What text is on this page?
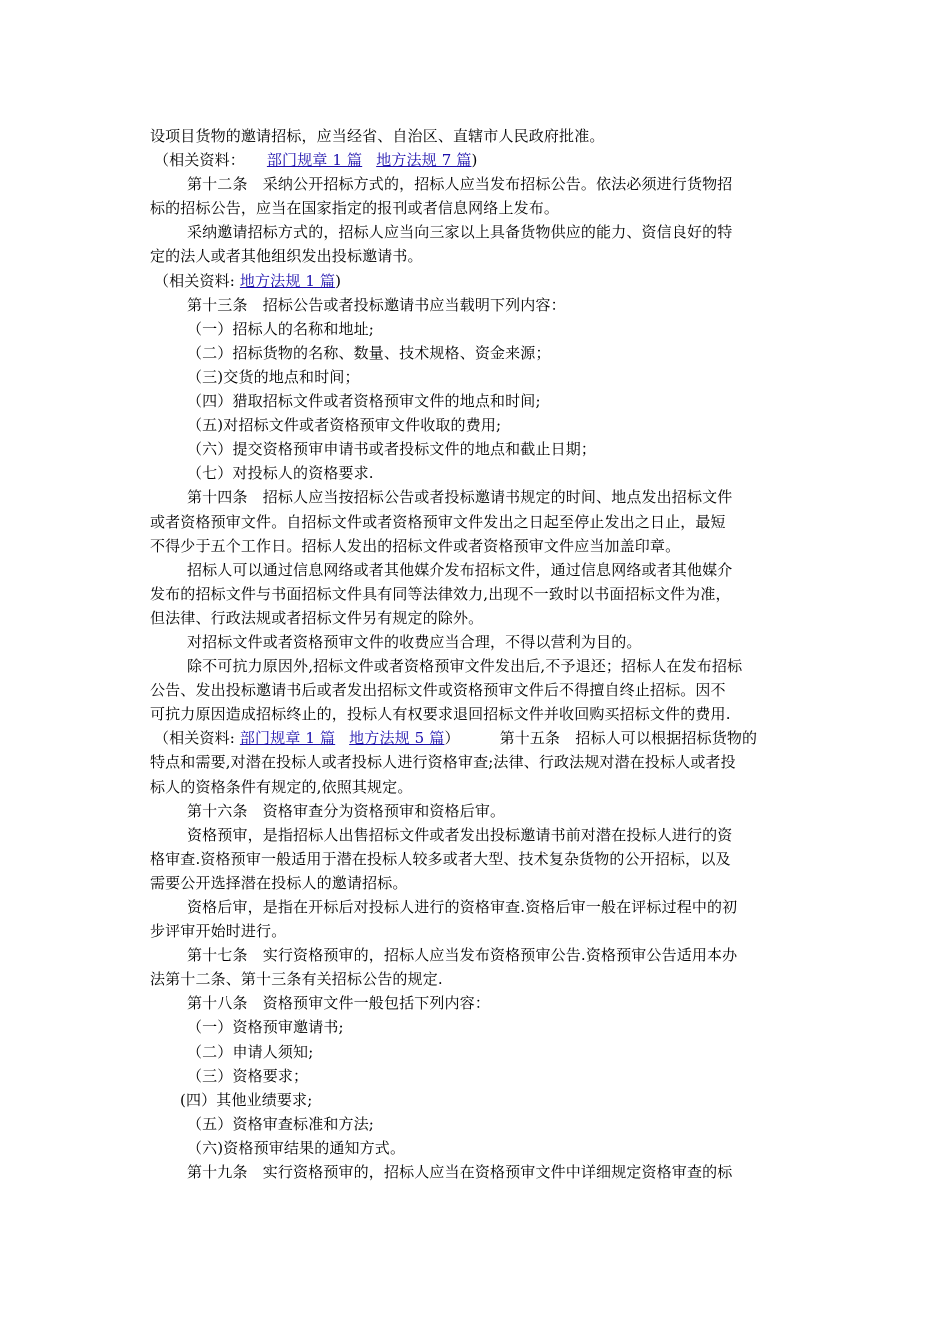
设项目货物的邀请招标，应当经省、自治区、直辖市人民政府批准。
（相关资料： 部门规章 1 篇 地方法规 7 篇)
第十二条　采纳公开招标方式的，招标人应当发布招标公告。依法必须进行货物招
标的招标公告，应当在国家指定的报刊或者信息网络上发布。
采纳邀请招标方式的，招标人应当向三家以上具备货物供应的能力、资信良好的特
定的法人或者其他组织发出投标邀请书。
（相关资料: 地方法规 1 篇)
第十三条　招标公告或者投标邀请书应当载明下列内容：
（一）招标人的名称和地址;
（二）招标货物的名称、数量、技术规格、资金来源；
（三)交货的地点和时间；
（四）猎取招标文件或者资格预审文件的地点和时间;
（五)对招标文件或者资格预审文件收取的费用;
（六）提交资格预审申请书或者投标文件的地点和截止日期；
（七）对投标人的资格要求.
第十四条　招标人应当按招标公告或者投标邀请书规定的时间、地点发出招标文件
或者资格预审文件。自招标文件或者资格预审文件发出之日起至停止发出之日止，最短
不得少于五个工作日。招标人发出的招标文件或者资格预审文件应当加盖印章。
招标人可以通过信息网络或者其他媒介发布招标文件，通过信息网络或者其他媒介
发布的招标文件与书面招标文件具有同等法律效力,出现不一致时以书面招标文件为准，
但法律、行政法规或者招标文件另有规定的除外。
对招标文件或者资格预审文件的收费应当合理，不得以营利为目的。
除不可抗力原因外,招标文件或者资格预审文件发出后,不予退还；招标人在发布招标
公告、发出投标邀请书后或者发出招标文件或资格预审文件后不得擅自终止招标。因不
可抗力原因造成招标终止的，投标人有权要求退回招标文件并收回购买招标文件的费用.
（相关资料: 部门规章 1 篇 地方法规 5 篇）	第十五条　招标人可以根据招标货物的
特点和需要,对潜在投标人或者投标人进行资格审查;法律、行政法规对潜在投标人或者投
标人的资格条件有规定的,依照其规定。
第十六条　资格审查分为资格预审和资格后审。
资格预审，是指招标人出售招标文件或者发出投标邀请书前对潜在投标人进行的资
格审查.资格预审一般适用于潜在投标人较多或者大型、技术复杂货物的公开招标，以及
需要公开选择潜在投标人的邀请招标。
资格后审，是指在开标后对投标人进行的资格审查.资格后审一般在评标过程中的初
步评审开始时进行。
第十七条　实行资格预审的，招标人应当发布资格预审公告.资格预审公告适用本办
法第十二条、第十三条有关招标公告的规定.
第十八条　资格预审文件一般包括下列内容：
（一）资格预审邀请书;
（二）申请人须知;
（三）资格要求；
(四）其他业绩要求;
（五）资格审查标准和方法;
（六)资格预审结果的通知方式。
第十九条　实行资格预审的，招标人应当在资格预审文件中详细规定资格审查的标
